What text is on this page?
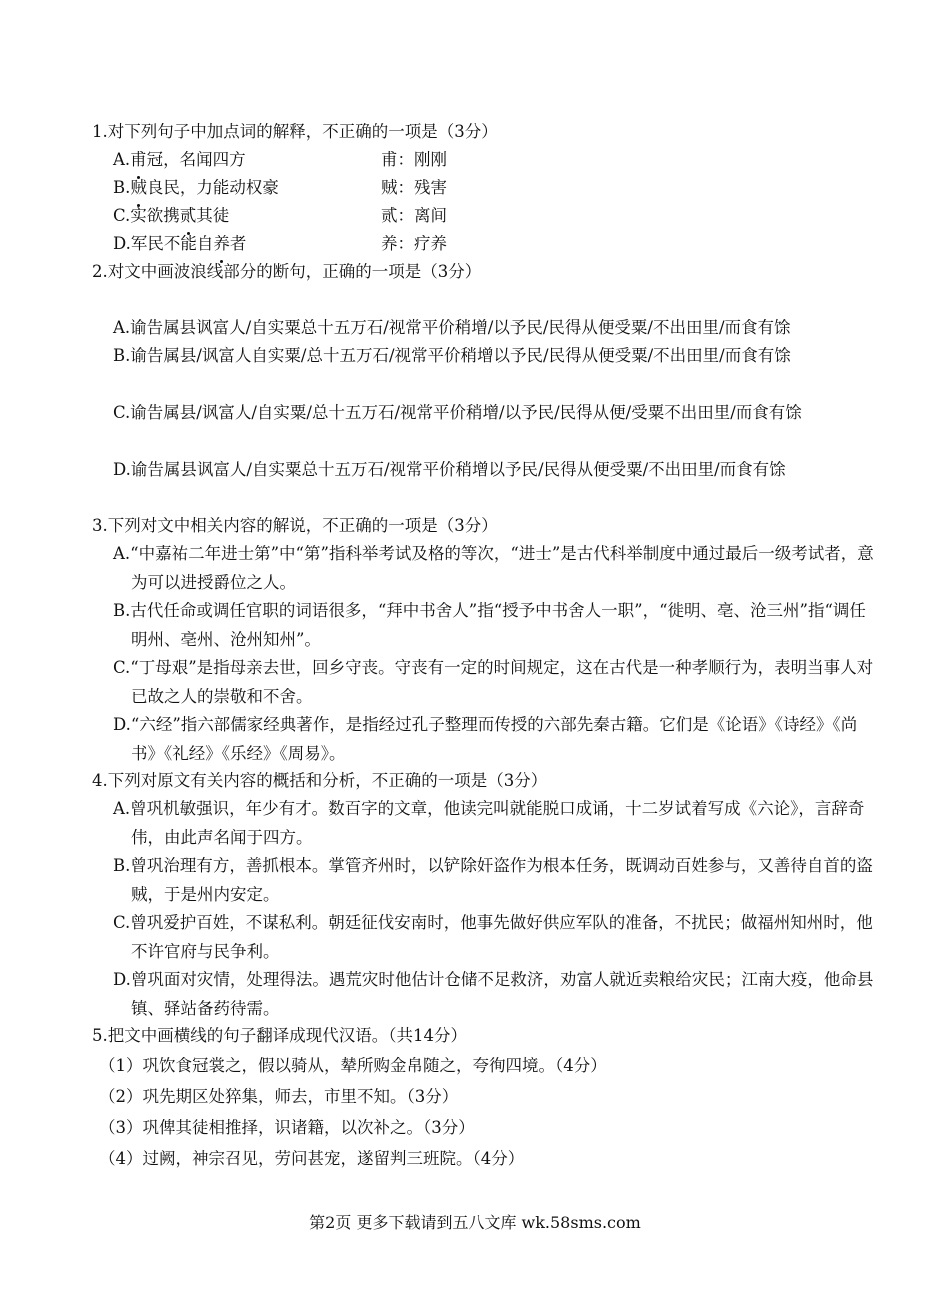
1.对下列句子中加点词的解释，不正确的一项是（3分）
A.甫冠，名闻四方	甫：刚刚
B.贼良民，力能动权豪	贼：残害
C.实欲携贰其徒	贰：离间
D.军民不能自养者	养：疗养
2.对文中画波浪线部分的断句，正确的一项是（3分）
A.谕告属县讽富人/自实粟总十五万石/视常平价稍增/以予民/民得从便受粟/不出田里/而食有馀
B.谕告属县/讽富人自实粟/总十五万石/视常平价稍增以予民/民得从便受粟/不出田里/而食有馀
C.谕告属县/讽富人/自实粟/总十五万石/视常平价稍增/以予民/民得从便/受粟不出田里/而食有馀
D.谕告属县讽富人/自实粟总十五万石/视常平价稍增以予民/民得从便受粟/不出田里/而食有馀
3.下列对文中相关内容的解说，不正确的一项是（3分）
A.“中嘉祐二年进士第”中“第”指科举考试及格的等次，“进士”是古代科举制度中通过最后一级考试者，意为可以进授爵位之人。
B.古代任命或调任官职的词语很多，“拜中书舍人”指“授予中书舍人一职”，“徙明、亳、沧三州”指“调任明州、亳州、沧州知州”。
C.“丁母艰”是指母亲去世，回乡守丧。守丧有一定的时间规定，这在古代是一种孝顺行为，表明当事人对已故之人的崇敬和不舍。
D.“六经”指六部儒家经典著作，是指经过孔子整理而传授的六部先秦古籍。它们是《论语》《诗经》《尚书》《礼经》《乐经》《周易》。
4.下列对原文有关内容的概括和分析，不正确的一项是（3分）
A.曾巩机敏强识，年少有才。数百字的文章，他读完叫就能脱口成诵，十二岁试着写成《六论》，言辞奇伟，由此声名闻于四方。
B.曾巩治理有方，善抓根本。掌管齐州时，以铲除奸盗作为根本任务，既调动百姓参与，又善待自首的盗贼，于是州内安定。
C.曾巩爱护百姓，不谋私利。朝廷征伐安南时，他事先做好供应军队的准备，不扰民；做福州知州时，他不许官府与民争利。
D.曾巩面对灾情，处理得法。遇荒灾时他估计仓储不足救济，劝富人就近卖粮给灾民；江南大疫，他命县镇、驿站备药待需。
5.把文中画横线的句子翻译成现代汉语。（共14分）
（1）巩饮食冠裳之，假以骑从，辇所购金帛随之，夸徇四境。（4分）
（2）巩先期区处猝集，师去，市里不知。（3分）
（3）巩俾其徒相推择，识诸籍，以次补之。（3分）
（4）过阙，神宗召见，劳问甚宠，遂留判三班院。（4分）
第2页 更多下载请到五八文库 wk.58sms.com
